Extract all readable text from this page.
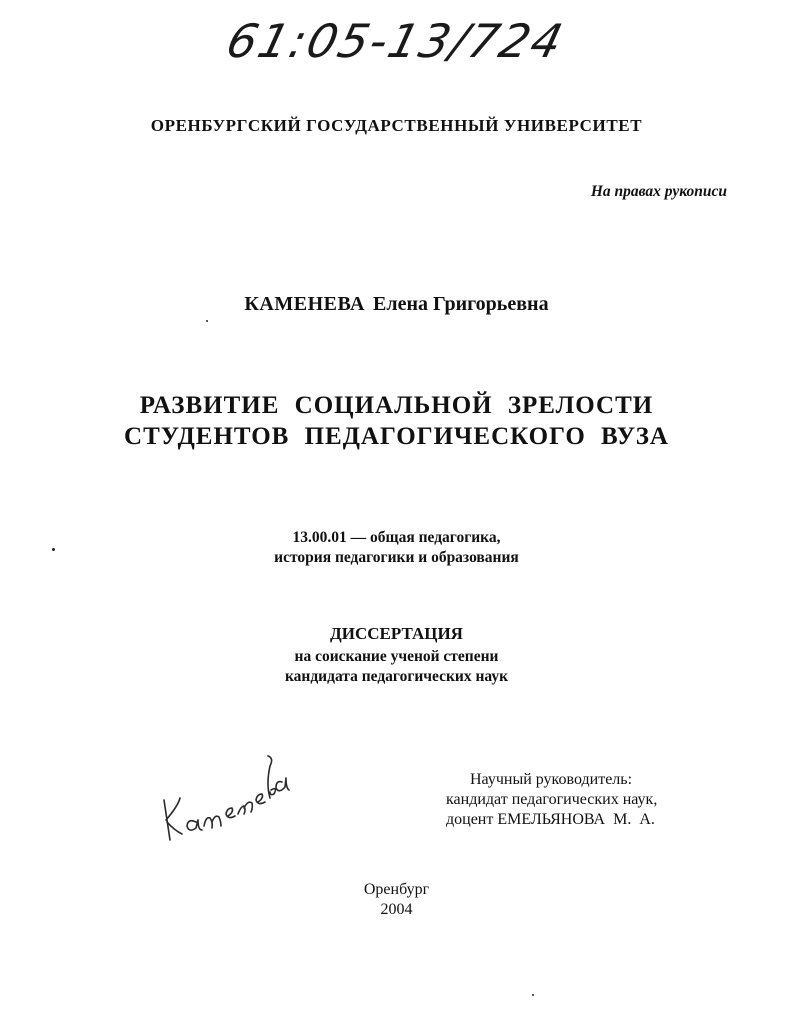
61:05-13/724
ОРЕНБУРГСКИЙ ГОСУДАРСТВЕННЫЙ УНИВЕРСИТЕТ
На правах рукописи
КАМЕНЕВА Елена Григорьевна
РАЗВИТИЕ СОЦИАЛЬНОЙ ЗРЕЛОСТИ
СТУДЕНТОВ ПЕДАГОГИЧЕСКОГО ВУЗА
13.00.01 — общая педагогика,
история педагогики и образования
ДИССЕРТАЦИЯ
на соискание ученой степени
кандидата педагогических наук
Научный руководитель:
кандидат педагогических наук,
доцент ЕМЕЛЬЯНОВА  М.  А.
Оренбург
2004
